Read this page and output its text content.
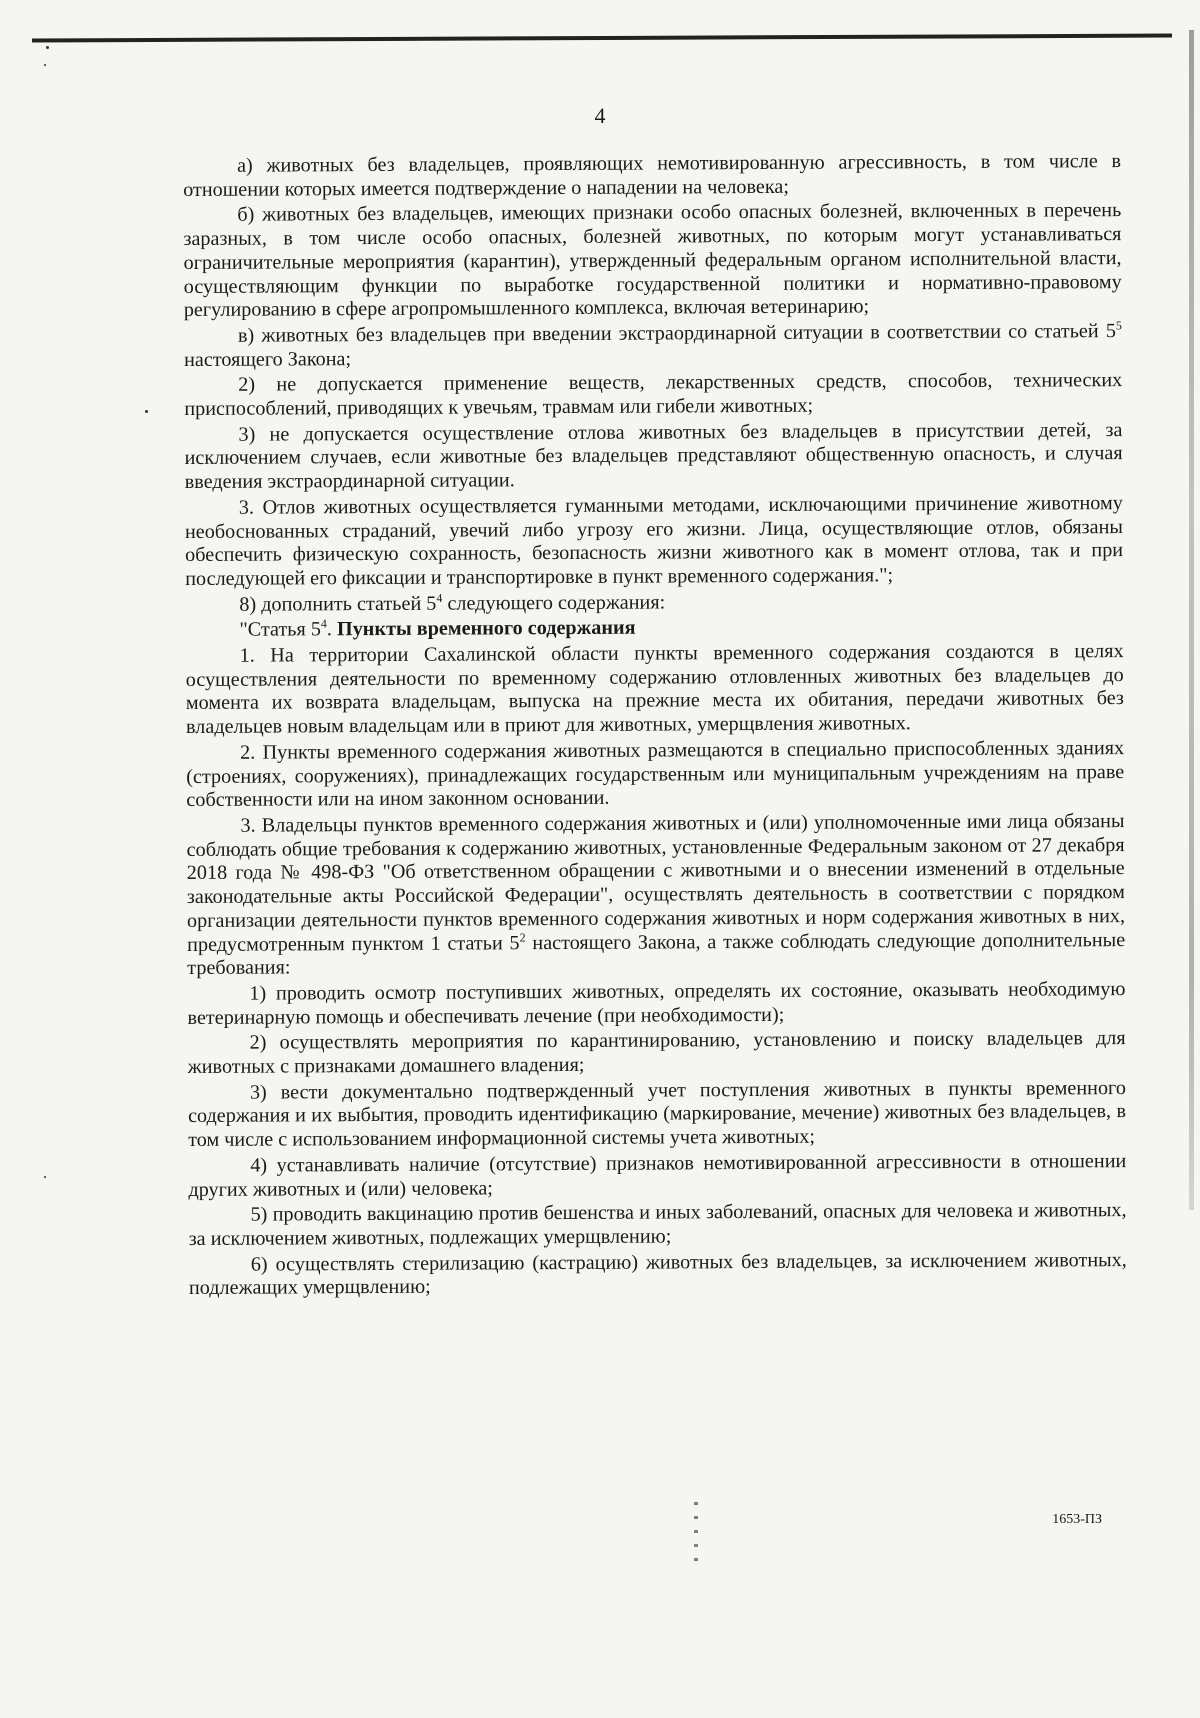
4

а) животных без владельцев, проявляющих немотивированную агрессивность, в том числе в отношении которых имеется подтверждение о нападении на человека;

б) животных без владельцев, имеющих признаки особо опасных болезней, включенных в перечень заразных, в том числе особо опасных, болезней животных, по которым могут устанавливаться ограничительные мероприятия (карантин), утвержденный федеральным органом исполнительной власти, осуществляющим функции по выработке государственной политики и нормативно-правовому регулированию в сфере агропромышленного комплекса, включая ветеринарию;

в) животных без владельцев при введении экстраординарной ситуации в соответствии со статьей $5^5$ настоящего Закона;

2) не допускается применение веществ, лекарственных средств, способов, технических приспособлений, приводящих к увечьям, травмам или гибели животных;

3) не допускается осуществление отлова животных без владельцев в присутствии детей, за исключением случаев, если животные без владельцев представляют общественную опасность, и случая введения экстраординарной ситуации.

3. Отлов животных осуществляется гуманными методами, исключающими причинение животному необоснованных страданий, увечий либо угрозу его жизни. Лица, осуществляющие отлов, обязаны обеспечить физическую сохранность, безопасность жизни животного как в момент отлова, так и при последующей его фиксации и транспортировке в пункт временного содержания.";

8) дополнить статьей $5^4$ следующего содержания:

"Статья $5^4$. Пункты временного содержания

1. На территории Сахалинской области пункты временного содержания создаются в целях осуществления деятельности по временному содержанию отловленных животных без владельцев до момента их возврата владельцам, выпуска на прежние места их обитания, передачи животных без владельцев новым владельцам или в приют для животных, умерщвления животных.

2. Пункты временного содержания животных размещаются в специально приспособленных зданиях (строениях, сооружениях), принадлежащих государственным или муниципальным учреждениям на праве собственности или на ином законном основании.

3. Владельцы пунктов временного содержания животных и (или) уполномоченные ими лица обязаны соблюдать общие требования к содержанию животных, установленные Федеральным законом от 27 декабря 2018 года № 498-ФЗ "Об ответственном обращении с животными и о внесении изменений в отдельные законодательные акты Российской Федерации", осуществлять деятельность в соответствии с порядком организации деятельности пунктов временного содержания животных и норм содержания животных в них, предусмотренным пунктом 1 статьи $5^2$ настоящего Закона, а также соблюдать следующие дополнительные требования:

1) проводить осмотр поступивших животных, определять их состояние, оказывать необходимую ветеринарную помощь и обеспечивать лечение (при необходимости);

2) осуществлять мероприятия по карантинированию, установлению и поиску владельцев для животных с признаками домашнего владения;

3) вести документально подтвержденный учет поступления животных в пункты временного содержания и их выбытия, проводить идентификацию (маркирование, мечение) животных без владельцев, в том числе с использованием информационной системы учета животных;

4) устанавливать наличие (отсутствие) признаков немотивированной агрессивности в отношении других животных и (или) человека;

5) проводить вакцинацию против бешенства и иных заболеваний, опасных для человека и животных, за исключением животных, подлежащих умерщвлению;

6) осуществлять стерилизацию (кастрацию) животных без владельцев, за исключением животных, подлежащих умерщвлению;

1653-ПЗ
